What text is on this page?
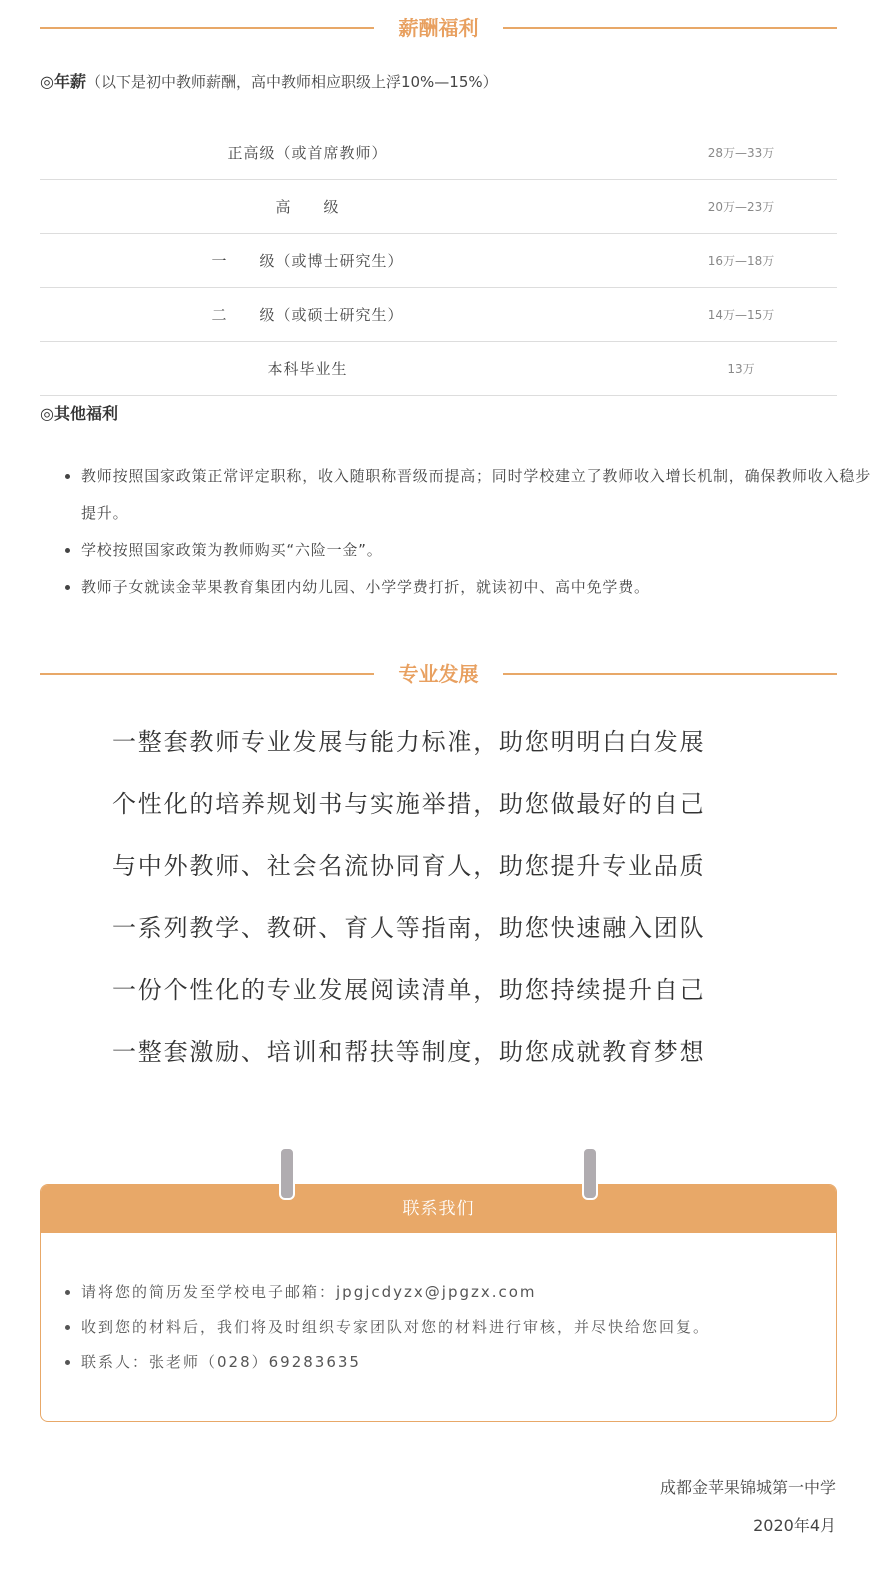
薪酬福利
◎年薪（以下是初中教师薪酬，高中教师相应职级上浮10%—15%）
正高级（或首席教师）	28万—33万
高　　级	20万—23万
一　　级（或博士研究生）	16万—18万
二　　级（或硕士研究生）	14万—15万
本科毕业生	13万
◎其他福利
• 教师按照国家政策正常评定职称，收入随职称晋级而提高；同时学校建立了教师收入增长机制，确保教师收入稳步提升。
• 学校按照国家政策为教师购买“六险一金”。
• 教师子女就读金苹果教育集团内幼儿园、小学学费打折，就读初中、高中免学费。
专业发展
一整套教师专业发展与能力标准，助您明明白白发展
个性化的培养规划书与实施举措，助您做最好的自己
与中外教师、社会名流协同育人，助您提升专业品质
一系列教学、教研、育人等指南，助您快速融入团队
一份个性化的专业发展阅读清单，助您持续提升自己
一整套激励、培训和帮扶等制度，助您成就教育梦想
联系我们
• 请将您的简历发至学校电子邮箱：jpgjcdyzx@jpgzx.com
• 收到您的材料后，我们将及时组织专家团队对您的材料进行审核，并尽快给您回复。
• 联系人：张老师（028）69283635
成都金苹果锦城第一中学
2020年4月
